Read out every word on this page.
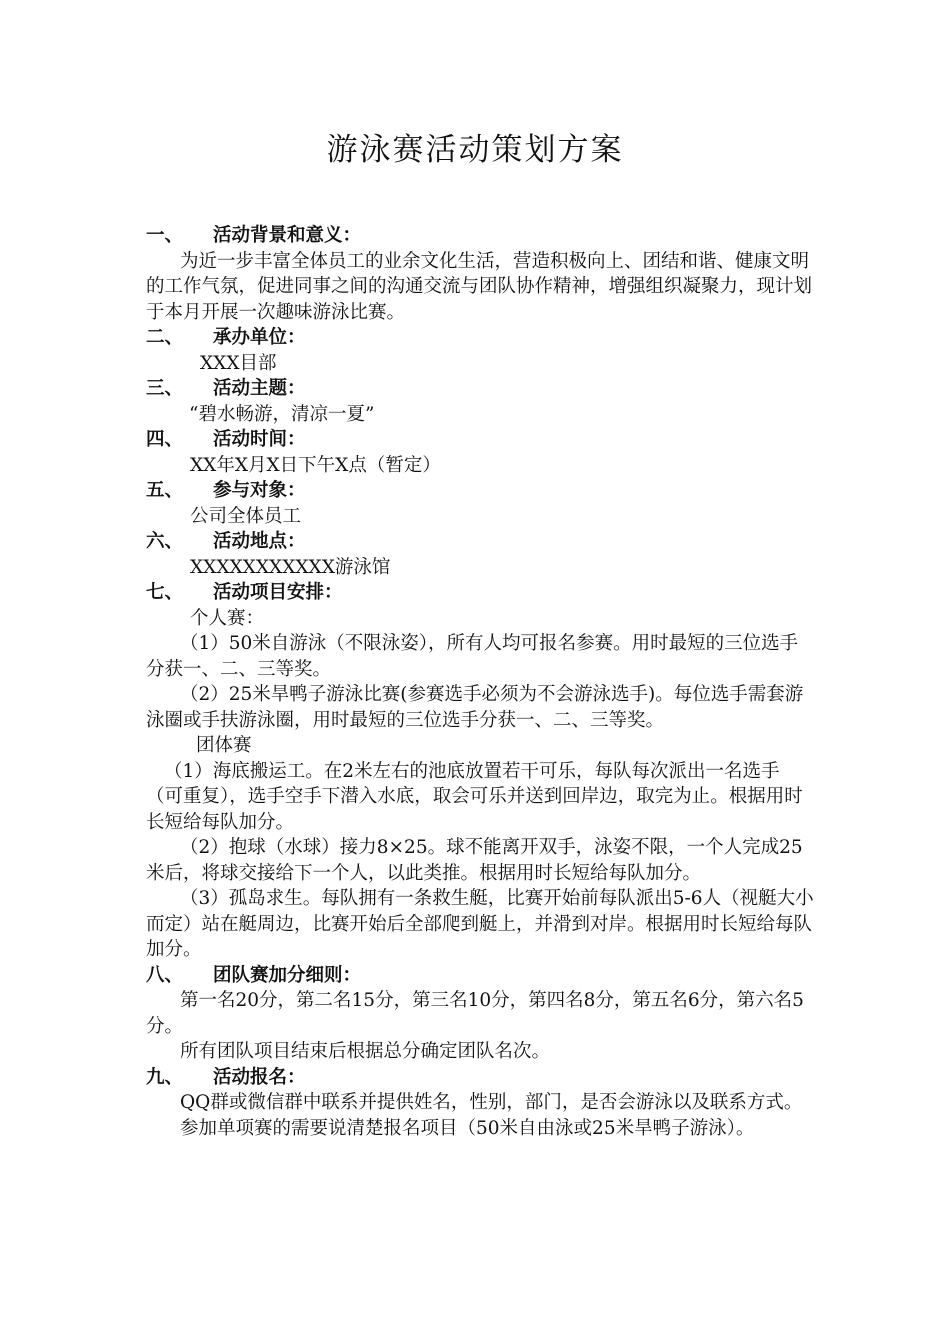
游泳赛活动策划方案

一、 活动背景和意义：

为近一步丰富全体员工的业余文化生活，营造积极向上、团结和谐、健康文明的工作气氛，促进同事之间的沟通交流与团队协作精神，增强组织凝聚力，现计划于本月开展一次趣味游泳比赛。

二、 承办单位：

XXX目部

三、 活动主题：

“碧水畅游，清凉一夏”

四、 活动时间：

XX年X月X日下午X点（暂定）

五、 参与对象：

公司全体员工

六、 活动地点：

XXXXXXXXXXX游泳馆

七、 活动项目安排：

个人赛：

（1）50米自游泳（不限泳姿），所有人均可报名参赛。用时最短的三位选手分获一、二、三等奖。

（2）25米旱鸭子游泳比赛(参赛选手必须为不会游泳选手)。每位选手需套游泳圈或手扶游泳圈，用时最短的三位选手分获一、二、三等奖。

团体赛

（1）海底搬运工。在2米左右的池底放置若干可乐，每队每次派出一名选手（可重复），选手空手下潜入水底，取会可乐并送到回岸边，取完为止。根据用时长短给每队加分。

（2）抱球（水球）接力8×25。球不能离开双手，泳姿不限，一个人完成25米后，将球交接给下一个人，以此类推。根据用时长短给每队加分。

（3）孤岛求生。每队拥有一条救生艇，比赛开始前每队派出5-6人（视艇大小而定）站在艇周边，比赛开始后全部爬到艇上，并滑到对岸。根据用时长短给每队加分。

八、 团队赛加分细则：

第一名20分，第二名15分，第三名10分，第四名8分，第五名6分，第六名5分。

所有团队项目结束后根据总分确定团队名次。

九、 活动报名：

QQ群或微信群中联系并提供姓名，性别，部门，是否会游泳以及联系方式。

参加单项赛的需要说清楚报名项目（50米自由泳或25米旱鸭子游泳）。
